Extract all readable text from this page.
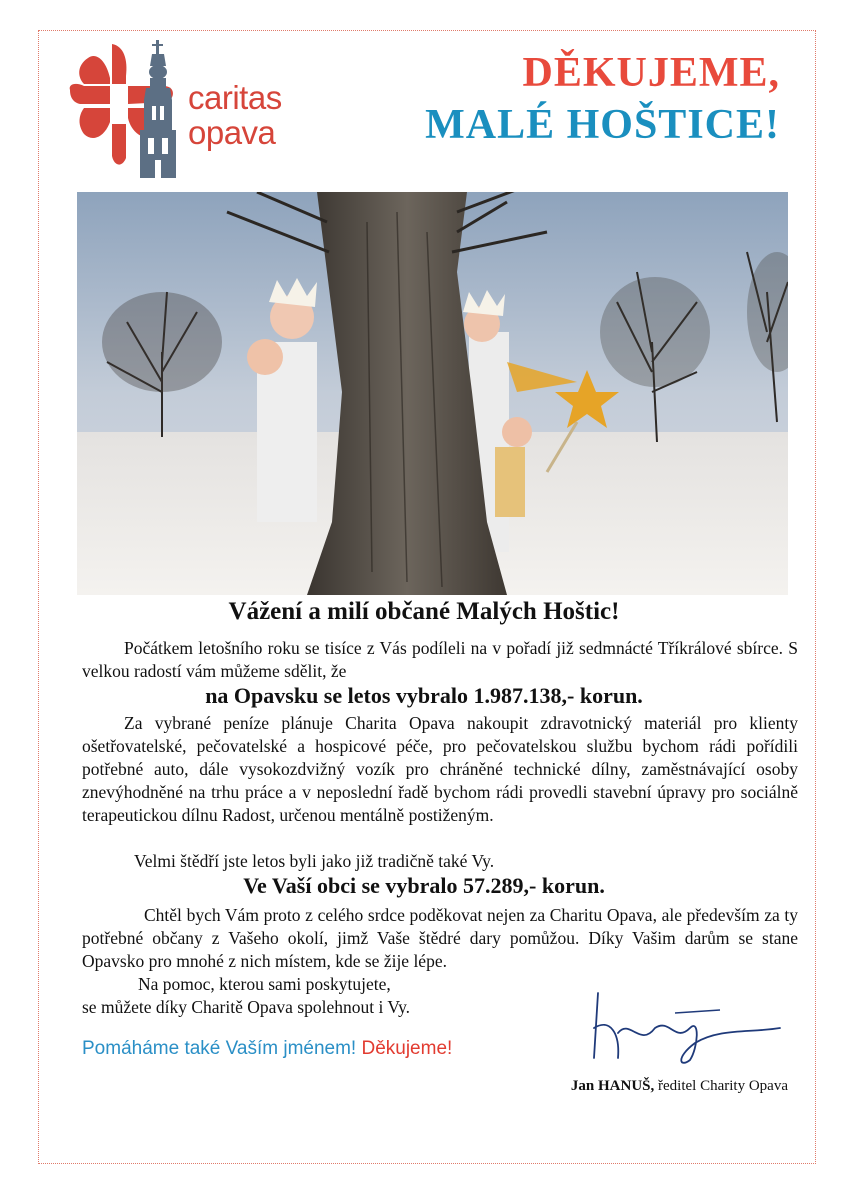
caritas
opava
DĚKUJEME,
MALÉ HOŠTICE!
Vážení a milí občané Malých Hoštic!
Počátkem letošního roku se tisíce z Vás podíleli na v pořadí již sedmnácté Tříkrálové sbírce. S velkou radostí vám můžeme sdělit, že
na Opavsku se letos vybralo 1.987.138,- korun.
Za vybrané peníze plánuje Charita Opava nakoupit zdravotnický materiál pro klienty ošetřovatelské, pečovatelské a hospicové péče, pro pečovatelskou službu bychom rádi pořídili potřebné auto, dále vysokozdvižný vozík pro chráněné technické dílny, zaměstnávající osoby znevýhodněné na trhu práce a v neposlední řadě bychom rádi provedli stavební úpravy pro sociálně terapeutickou dílnu Radost, určenou mentálně postiženým.
Velmi štědří jste letos byli jako již tradičně také Vy.
Ve Vaší obci se vybralo 57.289,- korun.
Chtěl bych Vám proto z celého srdce poděkovat nejen za Charitu Opava, ale především za ty potřebné občany z Vašeho okolí, jimž Vaše štědré dary pomůžou. Díky Vašim darům se stane Opavsko pro mnohé z nich místem, kde se žije lépe.
Na pomoc, kterou sami poskytujete,
se můžete díky Charitě Opava spolehnout i Vy.
Pomáháme také Vaším jménem! Děkujeme!
Jan HANUŠ, ředitel Charity Opava
